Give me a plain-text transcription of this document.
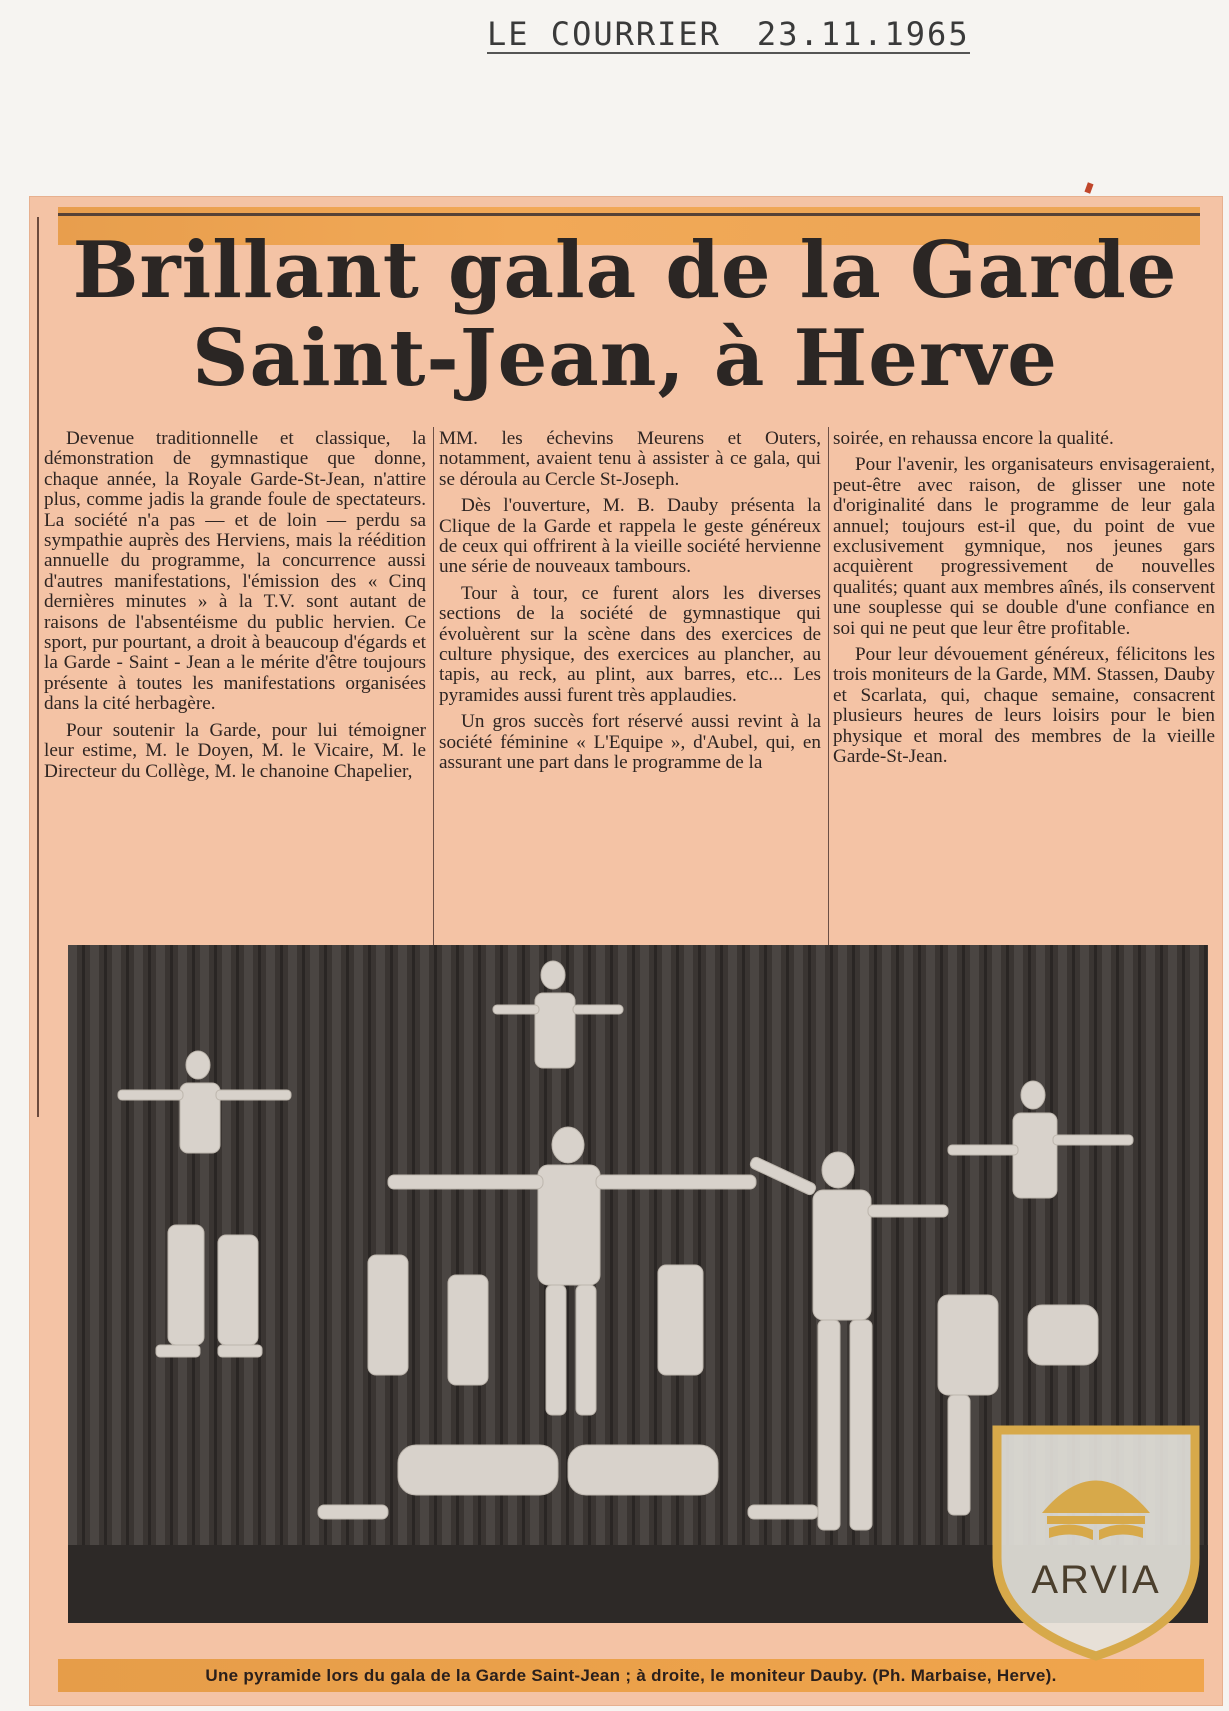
LE COURRIER 23.11.1965
Brillant gala de la Garde
Saint-Jean, à Herve

Devenue traditionnelle et classique, la démonstration de gymnastique que donne, chaque année, la Royale Garde-St-Jean, n'attire plus, comme jadis la grande foule de spectateurs. La société n'a pas — et de loin — perdu sa sympathie auprès des Herviens, mais la réédition annuelle du programme, la concurrence aussi d'autres manifestations, l'émission des « Cinq dernières minutes » à la T.V. sont autant de raisons de l'absentéisme du public hervien. Ce sport, pur pourtant, a droit à beaucoup d'égards et la Garde - Saint - Jean a le mérite d'être toujours présente à toutes les manifestations organisées dans la cité herbagère.

Pour soutenir la Garde, pour lui témoigner leur estime, M. le Doyen, M. le Vicaire, M. le Directeur du Collège, M. le chanoine Chapelier,

MM. les échevins Meurens et Outers, notamment, avaient tenu à assister à ce gala, qui se déroula au Cercle St-Joseph.

Dès l'ouverture, M. B. Dauby présenta la Clique de la Garde et rappela le geste généreux de ceux qui offrirent à la vieille société hervienne une série de nouveaux tambours.

Tour à tour, ce furent alors les diverses sections de la société de gymnastique qui évoluèrent sur la scène dans des exercices de culture physique, des exercices au plancher, au tapis, au reck, au plint, aux barres, etc... Les pyramides aussi furent très applaudies.

Un gros succès fort réservé aussi revint à la société féminine « L'Equipe », d'Aubel, qui, en assurant une part dans le programme de la

soirée, en rehaussa encore la qualité.

Pour l'avenir, les organisateurs envisageraient, peut-être avec raison, de glisser une note d'originalité dans le programme de leur gala annuel; toujours est-il que, du point de vue exclusivement gymnique, nos jeunes gars acquièrent progressivement de nouvelles qualités; quant aux membres aînés, ils conservent une souplesse qui se double d'une confiance en soi qui ne peut que leur être profitable.

Pour leur dévouement généreux, félicitons les trois moniteurs de la Garde, MM. Stassen, Dauby et Scarlata, qui, chaque semaine, consacrent plusieurs heures de leurs loisirs pour le bien physique et moral des membres de la vieille Garde-St-Jean.

Une pyramide lors du gala de la Garde Saint-Jean ; à droite, le moniteur Dauby. (Ph. Marbaise, Herve).
ARVIA
